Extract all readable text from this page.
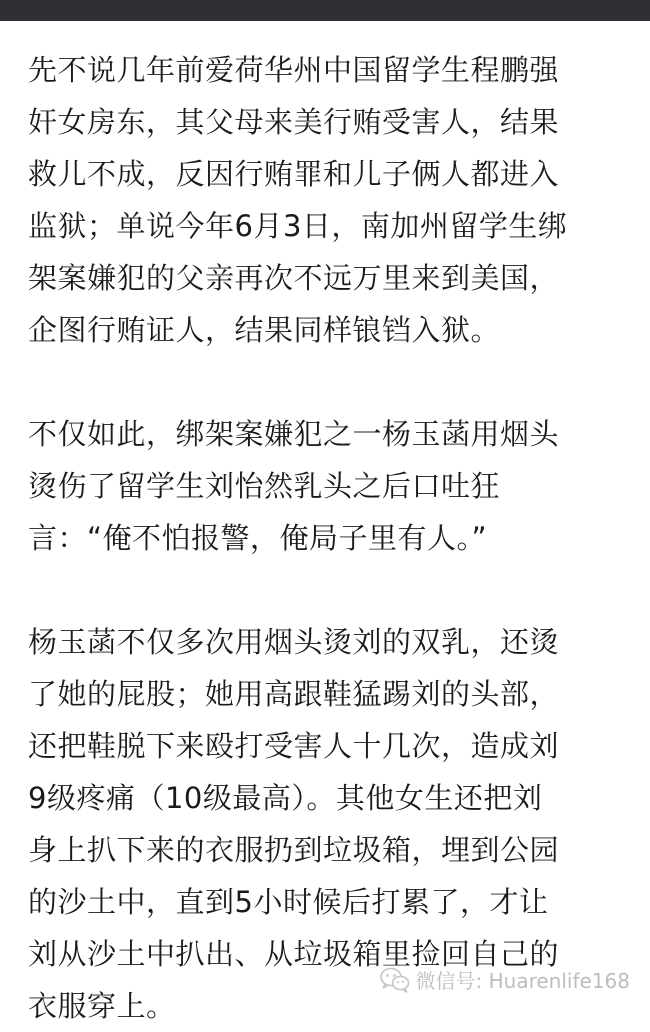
先不说几年前爱荷华州中国留学生程鹏强
奸女房东，其父母来美行贿受害人，结果
救儿不成，反因行贿罪和儿子俩人都进入
监狱；单说今年6月3日，南加州留学生绑
架案嫌犯的父亲再次不远万里来到美国，
企图行贿证人，结果同样锒铛入狱。
不仅如此，绑架案嫌犯之一杨玉菡用烟头
烫伤了留学生刘怡然乳头之后口吐狂
言：“俺不怕报警，俺局子里有人。”
杨玉菡不仅多次用烟头烫刘的双乳，还烫
了她的屁股；她用高跟鞋猛踢刘的头部，
还把鞋脱下来殴打受害人十几次，造成刘
9级疼痛（10级最高）。其他女生还把刘
身上扒下来的衣服扔到垃圾箱，埋到公园
的沙土中，直到5小时候后打累了，才让
刘从沙土中扒出、从垃圾箱里捡回自己的
衣服穿上。
微信号: Huarenlife168
